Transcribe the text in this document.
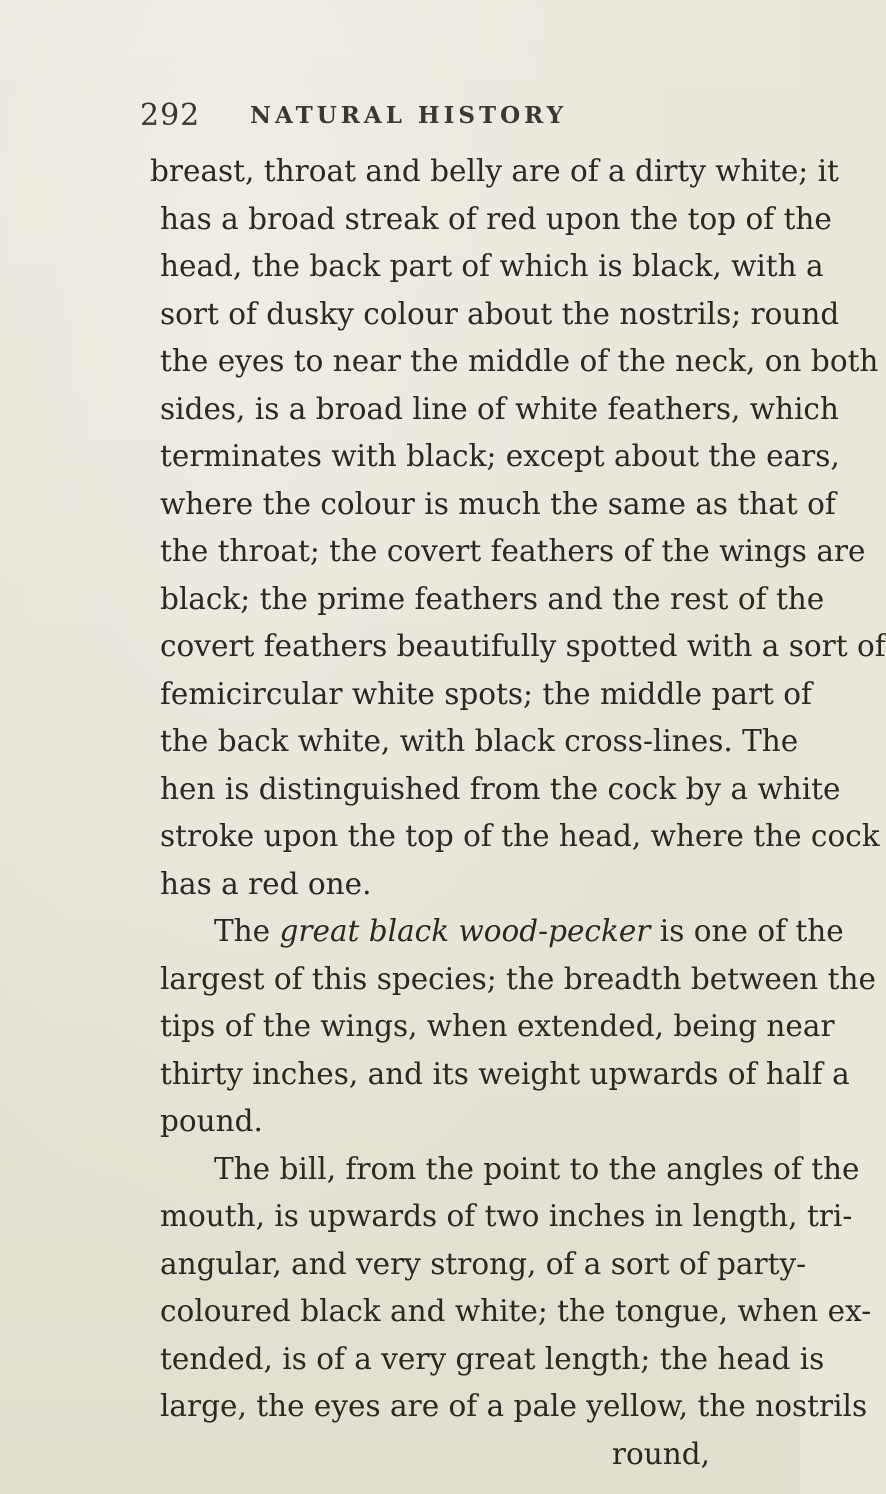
292 NATURAL HISTORY
breast, throat and belly are of a dirty white; it
has a broad streak of red upon the top of the
head, the back part of which is black, with a
sort of dusky colour about the nostrils; round
the eyes to near the middle of the neck, on both
sides, is a broad line of white feathers, which
terminates with black; except about the ears,
where the colour is much the same as that of
the throat; the covert feathers of the wings are
black; the prime feathers and the rest of the
covert feathers beautifully spotted with a sort of
femicircular white spots; the middle part of
the back white, with black cross-lines. The
hen is distinguished from the cock by a white
stroke upon the top of the head, where the cock
has a red one.
The great black wood-pecker is one of the
largest of this species; the breadth between the
tips of the wings, when extended, being near
thirty inches, and its weight upwards of half a
pound.
The bill, from the point to the angles of the
mouth, is upwards of two inches in length, tri-
angular, and very strong, of a sort of party-
coloured black and white; the tongue, when ex-
tended, is of a very great length; the head is
large, the eyes are of a pale yellow, the nostrils
round,
